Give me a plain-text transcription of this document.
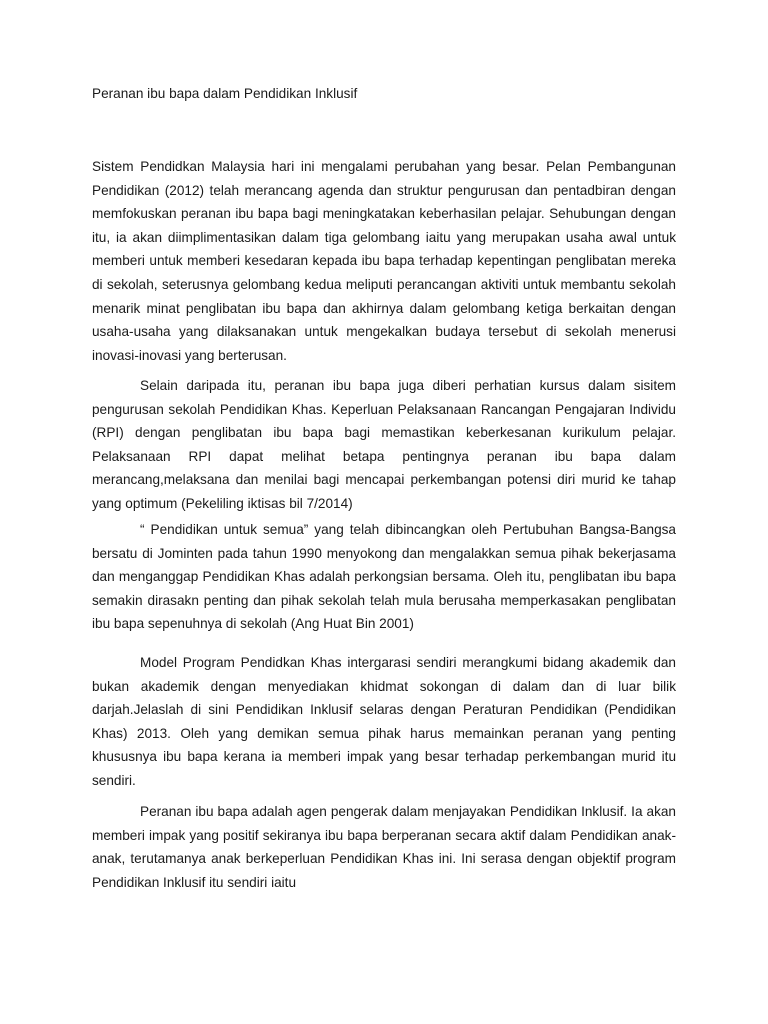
Peranan ibu bapa dalam Pendidikan Inklusif

Sistem Pendidkan Malaysia hari ini mengalami perubahan yang besar. Pelan Pembangunan Pendidikan (2012) telah merancang agenda dan struktur pengurusan dan pentadbiran dengan memfokuskan peranan ibu bapa bagi meningkatakan keberhasilan pelajar. Sehubungan dengan itu, ia akan diimplimentasikan dalam tiga gelombang iaitu yang merupakan usaha awal untuk memberi untuk memberi kesedaran kepada ibu bapa terhadap kepentingan penglibatan mereka di sekolah, seterusnya gelombang kedua meliputi perancangan aktiviti untuk membantu sekolah menarik minat penglibatan ibu bapa dan akhirnya dalam gelombang ketiga berkaitan dengan usaha-usaha yang dilaksanakan untuk mengekalkan budaya tersebut di sekolah menerusi inovasi-inovasi yang berterusan.

Selain daripada itu, peranan ibu bapa juga diberi perhatian kursus dalam sisitem pengurusan sekolah Pendidikan Khas. Keperluan Pelaksanaan Rancangan Pengajaran Individu (RPI) dengan penglibatan ibu bapa bagi memastikan keberkesanan kurikulum pelajar. Pelaksanaan RPI dapat melihat betapa pentingnya peranan ibu bapa dalam merancang,melaksana dan menilai bagi mencapai perkembangan potensi diri murid ke tahap yang optimum (Pekeliling iktisas bil 7/2014)

“ Pendidikan untuk semua” yang telah dibincangkan oleh Pertubuhan Bangsa-Bangsa bersatu di Jominten pada tahun 1990 menyokong dan mengalakkan semua pihak bekerjasama dan menganggap Pendidikan Khas adalah perkongsian bersama. Oleh itu, penglibatan ibu bapa semakin dirasakn penting dan pihak sekolah telah mula berusaha memperkasakan penglibatan ibu bapa sepenuhnya di sekolah (Ang Huat Bin 2001)

Model Program Pendidkan Khas intergarasi sendiri merangkumi bidang akademik dan bukan akademik dengan menyediakan khidmat sokongan di dalam dan di luar bilik darjah.Jelaslah di sini Pendidikan Inklusif selaras dengan Peraturan Pendidikan (Pendidikan Khas) 2013. Oleh yang demikan semua pihak harus memainkan peranan yang penting khususnya ibu bapa kerana ia memberi impak yang besar terhadap perkembangan murid itu sendiri.

Peranan ibu bapa adalah agen pengerak dalam menjayakan Pendidikan Inklusif. Ia akan memberi impak yang positif sekiranya ibu bapa berperanan secara aktif dalam Pendidikan anak-anak, terutamanya anak berkeperluan Pendidikan Khas ini. Ini serasa dengan objektif program Pendidikan Inklusif itu sendiri iaitu
